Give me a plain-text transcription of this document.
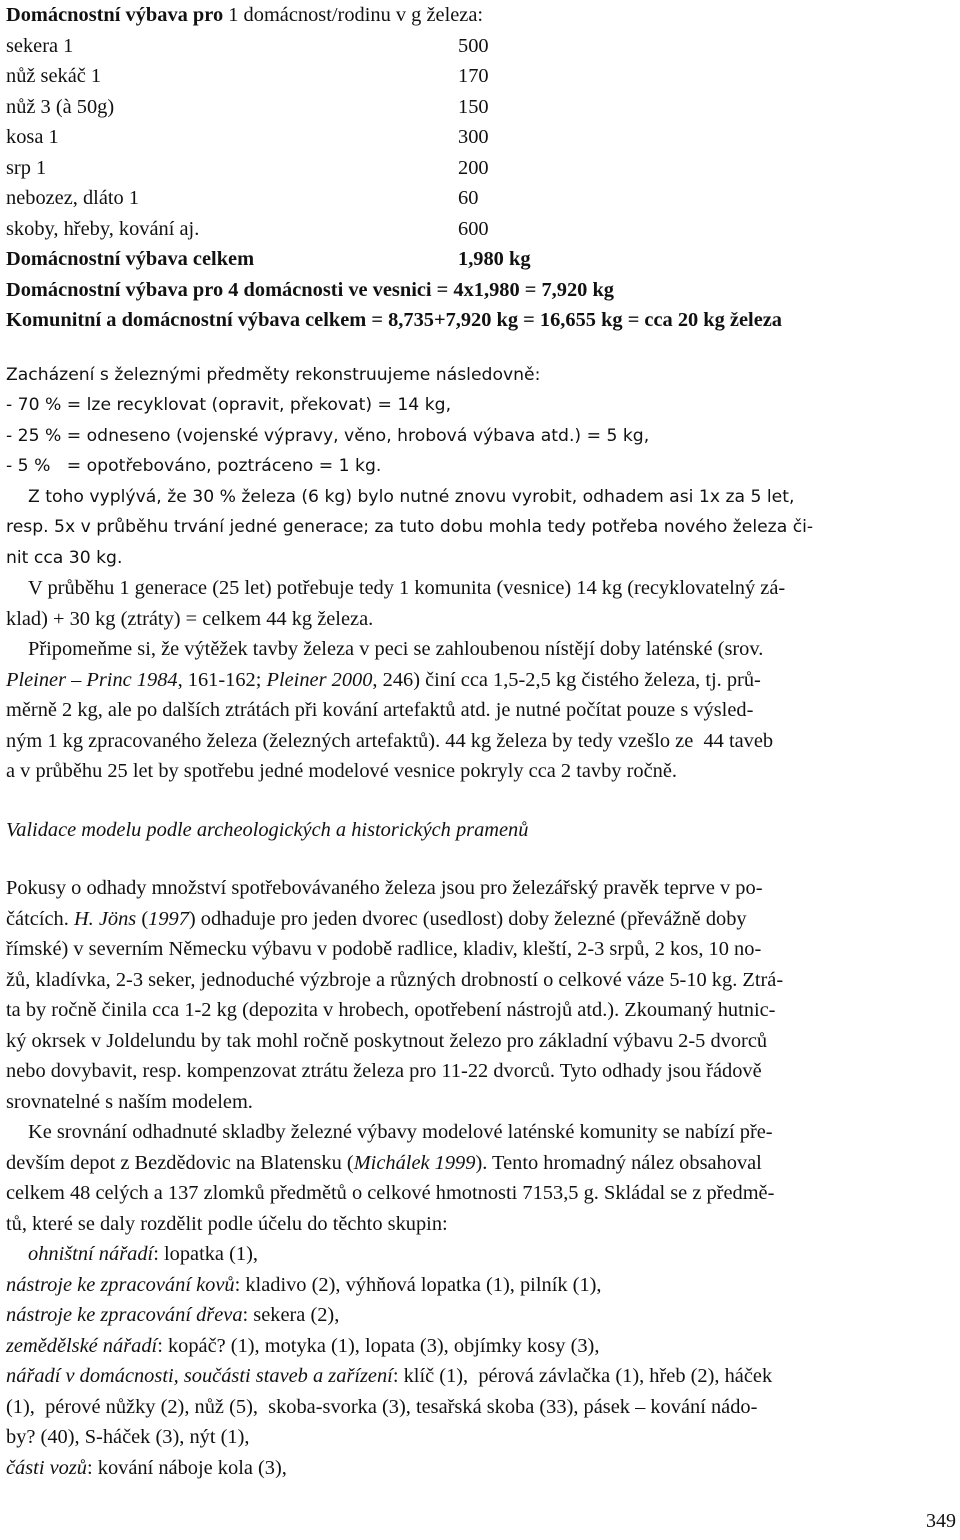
Domácnostní výbava pro 1 domácnost/rodinu v g železa:
sekera 1	500
nůž sekáč 1	170
nůž 3 (à 50g)	150
kosa 1	300
srp 1	200
nebozez, dláto 1	60
skoby, hřeby, kování aj.	600
Domácnostní výbava celkem	1,980 kg
Domácnostní výbava pro 4 domácnosti ve vesnici = 4x1,980 = 7,920 kg
Komunitní a domácnostní výbava celkem = 8,735+7,920 kg = 16,655 kg = cca 20 kg železa
Zacházení s železnými předměty rekonstruujeme následovně:
- 70 % = lze recyklovat (opravit, překovat) = 14 kg,
- 25 % = odneseno (vojenské výpravy, věno, hrobová výbava atd.) = 5 kg,
- 5 %   = opotřebováno, poztráceno = 1 kg.
Z toho vyplývá, že 30 % železa (6 kg) bylo nutné znovu vyrobit, odhadem asi 1x za 5 let,
resp. 5x v průběhu trvání jedné generace; za tuto dobu mohla tedy potřeba nového železa či-
nit cca 30 kg.
V průběhu 1 generace (25 let) potřebuje tedy 1 komunita (vesnice) 14 kg (recyklovatelný zá-
klad) + 30 kg (ztráty) = celkem 44 kg železa.
Připomeňme si, že výtěžek tavby železa v peci se zahloubenou nístějí doby laténské (srov.
Pleiner – Princ 1984, 161-162; Pleiner 2000, 246) činí cca 1,5-2,5 kg čistého železa, tj. prů-
měrně 2 kg, ale po dalších ztrátách při kování artefaktů atd. je nutné počítat pouze s výsled-
ným 1 kg zpracovaného železa (železných artefaktů). 44 kg železa by tedy vzešlo ze  44 taveb
a v průběhu 25 let by spotřebu jedné modelové vesnice pokryly cca 2 tavby ročně.
Validace modelu podle archeologických a historických pramenů
Pokusy o odhady množství spotřebovávaného železa jsou pro železářský pravěk teprve v po-
čátcích. H. Jöns (1997) odhaduje pro jeden dvorec (usedlost) doby železné (převážně doby
římské) v severním Německu výbavu v podobě radlice, kladiv, kleští, 2-3 srpů, 2 kos, 10 no-
žů, kladívka, 2-3 seker, jednoduché výzbroje a různých drobností o celkové váze 5-10 kg. Ztrá-
ta by ročně činila cca 1-2 kg (depozita v hrobech, opotřebení nástrojů atd.). Zkoumaný hutnic-
ký okrsek v Joldelundu by tak mohl ročně poskytnout železo pro základní výbavu 2-5 dvorců
nebo dovybavit, resp. kompenzovat ztrátu železa pro 11-22 dvorců. Tyto odhady jsou řádově
srovnatelné s naším modelem.
Ke srovnání odhadnuté skladby železné výbavy modelové laténské komunity se nabízí pře-
devším depot z Bezdědovic na Blatensku (Michálek 1999). Tento hromadný nález obsahoval
celkem 48 celých a 137 zlomků předmětů o celkové hmotnosti 7153,5 g. Skládal se z předmě-
tů, které se daly rozdělit podle účelu do těchto skupin:
ohništní nářadí: lopatka (1),
nástroje ke zpracování kovů: kladivo (2), výhňová lopatka (1), pilník (1),
nástroje ke zpracování dřeva: sekera (2),
zemědělské nářadí: kopáč? (1), motyka (1), lopata (3), objímky kosy (3),
nářadí v domácnosti, součásti staveb a zařízení: klíč (1),  pérová závlačka (1), hřeb (2), háček
(1),  pérové nůžky (2), nůž (5),  skoba-svorka (3), tesařská skoba (33), pásek – kování nádo-
by? (40), S-háček (3), nýt (1),
části vozů: kování náboje kola (3),
349
